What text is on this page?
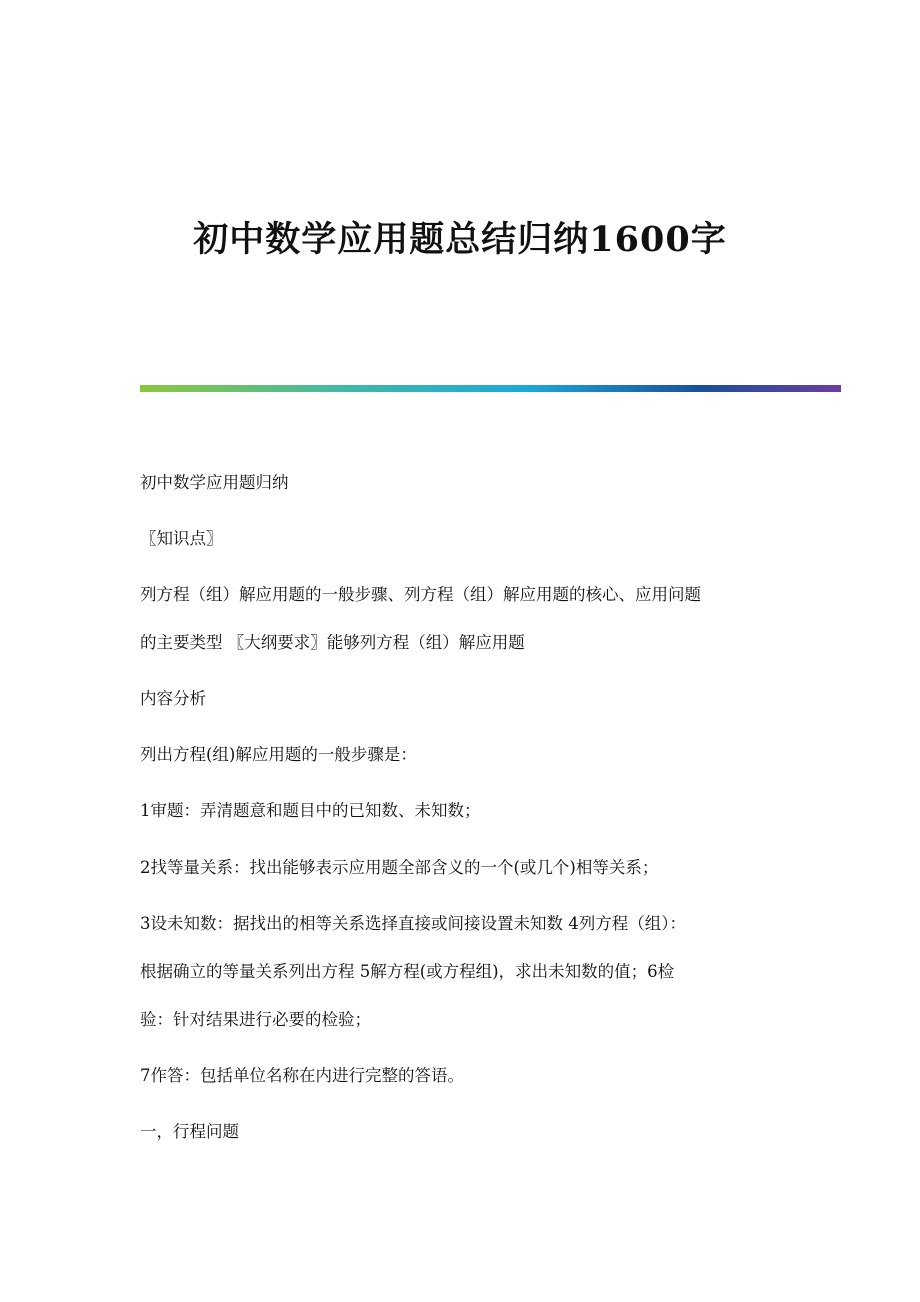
初中数学应用题总结归纳1600字

初中数学应用题归纳

〖知识点〗

列方程（组）解应用题的一般步骤、列方程（组）解应用题的核心、应用问题

的主要类型 〖大纲要求〗能够列方程（组）解应用题

内容分析

列出方程(组)解应用题的一般步骤是：

1审题：弄清题意和题目中的已知数、未知数；

2找等量关系：找出能够表示应用题全部含义的一个(或几个)相等关系；

3设未知数：据找出的相等关系选择直接或间接设置未知数 4列方程（组）：

根据确立的等量关系列出方程 5解方程(或方程组)，求出未知数的值；6检

验：针对结果进行必要的检验；

7作答：包括单位名称在内进行完整的答语。

一，行程问题
